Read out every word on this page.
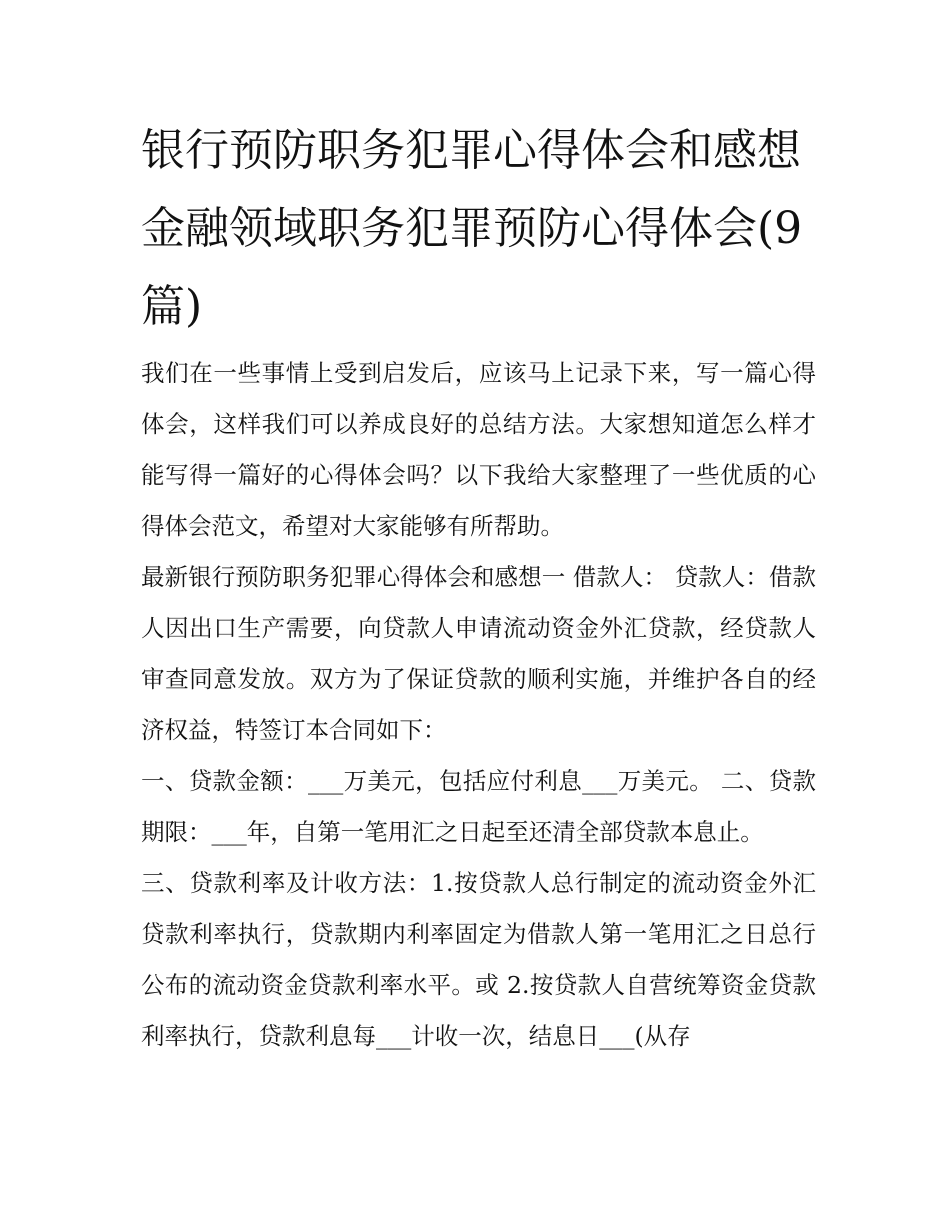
银行预防职务犯罪心得体会和感想 金融领域职务犯罪预防心得体会(9 篇)

我们在一些事情上受到启发后，应该马上记录下来，写一篇心得体会，这样我们可以养成良好的总结方法。大家想知道怎么样才能写得一篇好的心得体会吗？以下我给大家整理了一些优质的心得体会范文，希望对大家能够有所帮助。

最新银行预防职务犯罪心得体会和感想一 借款人： 贷款人：借款人因出口生产需要，向贷款人申请流动资金外汇贷款，经贷款人审查同意发放。双方为了保证贷款的顺利实施，并维护各自的经济权益，特签订本合同如下：

一、贷款金额：___万美元，包括应付利息___万美元。 二、贷款期限：___年，自第一笔用汇之日起至还清全部贷款本息止。

三、贷款利率及计收方法：1.按贷款人总行制定的流动资金外汇贷款利率执行，贷款期内利率固定为借款人第一笔用汇之日总行公布的流动资金贷款利率水平。或 2.按贷款人自营统筹资金贷款利率执行，贷款利息每___计收一次，结息日___(从存
